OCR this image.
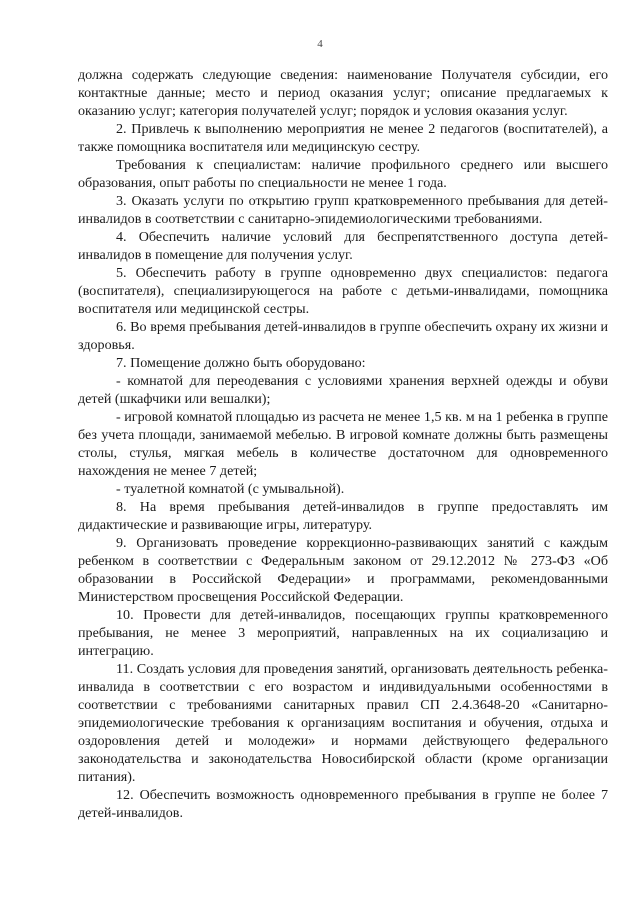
4

должна содержать следующие сведения: наименование Получателя субсидии, его контактные данные; место и период оказания услуг; описание предлагаемых к оказанию услуг; категория получателей услуг; порядок и условия оказания услуг.

2. Привлечь к выполнению мероприятия не менее 2 педагогов (воспитателей), а также помощника воспитателя или медицинскую сестру.

Требования к специалистам: наличие профильного среднего или высшего образования, опыт работы по специальности не менее 1 года.

3. Оказать услуги по открытию групп кратковременного пребывания для детей-инвалидов в соответствии с санитарно-эпидемиологическими требованиями.

4. Обеспечить наличие условий для беспрепятственного доступа детей-инвалидов в помещение для получения услуг.

5. Обеспечить работу в группе одновременно двух специалистов: педагога (воспитателя), специализирующегося на работе с детьми-инвалидами, помощника воспитателя или медицинской сестры.

6. Во время пребывания детей-инвалидов в группе обеспечить охрану их жизни и здоровья.

7. Помещение должно быть оборудовано:

- комнатой для переодевания с условиями хранения верхней одежды и обуви детей (шкафчики или вешалки);

- игровой комнатой площадью из расчета не менее 1,5 кв. м на 1 ребенка в группе без учета площади, занимаемой мебелью. В игровой комнате должны быть размещены столы, стулья, мягкая мебель в количестве достаточном для одновременного нахождения не менее 7 детей;

- туалетной комнатой (с умывальной).

8. На время пребывания детей-инвалидов в группе предоставлять им дидактические и развивающие игры, литературу.

9. Организовать проведение коррекционно-развивающих занятий с каждым ребенком в соответствии с Федеральным законом от 29.12.2012 № 273-ФЗ «Об образовании в Российской Федерации» и программами, рекомендованными Министерством просвещения Российской Федерации.

10. Провести для детей-инвалидов, посещающих группы кратковременного пребывания, не менее 3 мероприятий, направленных на их социализацию и интеграцию.

11. Создать условия для проведения занятий, организовать деятельность ребенка-инвалида в соответствии с его возрастом и индивидуальными особенностями в соответствии с требованиями санитарных правил СП 2.4.3648-20 «Санитарно-эпидемиологические требования к организациям воспитания и обучения, отдыха и оздоровления детей и молодежи» и нормами действующего федерального законодательства и законодательства Новосибирской области (кроме организации питания).

12. Обеспечить возможность одновременного пребывания в группе не более 7 детей-инвалидов.
